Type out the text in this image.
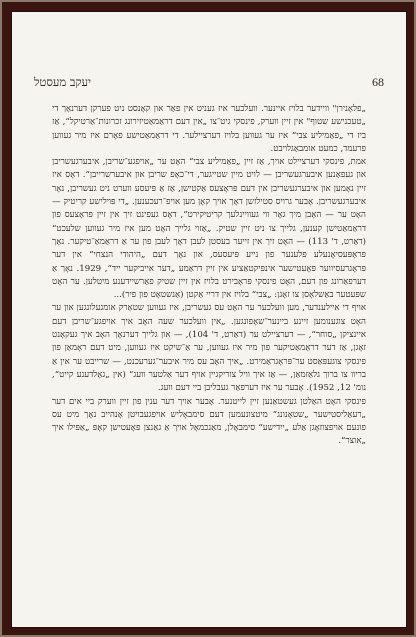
68
יעקב מעסטל

„פלאָנירן" וויידער בלויז איינער. וועלכער איז געניט אין פאַר און קאָנסט ניט פערקן דערנאָך די „טעכנישע שטוף" אין זיין ווערק, פינסקי גיט־צו „אין דעם דראַמאַטיזירונג זכרונות־אַרטיקל“, אַז ביז די „פאַמיליע צבי“ איז ער געווען בלויז דערציילער. די דראַמאַטישע פאָרם איז מיר געווען פרעמד, כמעט אומבאַגלויבט.

אמת, פינסקי דערציילט אויך, אַז זיין „פאַמיליע צבי“ האָט ער „אויפגע־שריבן, איבערגעשריבן און געפאַנען איבערגעשריבן — לויט מיין שטייגער, די־כאָפ שריבן און איבערשרייבן“. דאָס איז זיין נאָמען און איבערגעשריבן אין דעם פּראָצעס אַקטישן, אַז אַ פּיעסע ווערט ניט געשריבן, נאָר איבערגעשריבן. אָבער גרויס סטילזשן דאָך אויך קאָן מען אויפ־רעכענען. „די פּוילישע קריטיק — האָט ער — האָבן מיך גאָר ווי געוויינלעך קריטיקירט“, דאָס געפינט זיך אין זיין פּראָצעס פון דראַמאַטישן קענען, גלייך צו ניט זיין שטיק. „אַזוי גלייך האָט מען איז מיר געווען שלעכט“ (דאַרט, ד' 113) — האָט זיך אין זייער בעסטן לעבן דאָך לעבן פון ער אַ דראַמאַ־טיקער. נאָך פּראָפּעסיאָנעלע פּלענער פון נייע פּיעסעס, און נאָך דעם „היהודי הנצחי“ אין דער פּראָגרעסיווער פּאָעטישער אינפּיקטאַציע אין זיין דראַמע „דער אייביקער ייד“, 1929. נאָך אַ דערפאַרונג פון דעם, האָט פינסקי פּראָבירט בלויז אין זיין שטיק פאַרשיידענע מיטלען. ער האָט שפּעטער באַשלאָסן צו זאָגן: „צבי“ בלויז אין דריי אַקטן (אַנשטאָט פון פיר)...

אויף די איילענדער, מען וועלכער ער האָט עס געשריבן, איז געווען שטאַרק אומגעלונגען און ער האָט צוגענומען זיינע ביינער־שאָפונגען. „אין וועלכער שעה האָב איך אויפגע־שריבן דעם איינציקן „סוחר“, — דערציילט ער (דאַרט, ד' 104), — און גלייך דערנאָך האָב איך געקאָנט זאָגן, אַז דער דראַמאַטיקער פון מיר איז געווען, ער אַ־שיקט איז געווען, מיט דעם ראָמאַן פון פינסקי צוגעפּאַסט ער־פּראָגראַמירט. „איך האָב עס מיר איבער־גערעכנט, — שרייבט ער אין אַ בריוו צו ברוך גלאַזמאַן, — אַז איך וויל צוריקגיין אויף דער אַלטער וועג“ (אין „גאָלדענע קייט“, נומ' 12, 1952). אָבער ער איז דערפאַר געבליבן ביי דעם וועג.

פינסקי האָט האַלטן געשטאַנען זיין לייטנער. אָבער אויך דער ענין פון זיין ווערק ביי אים דער „רעאַליסטישער „שטאָנונג“ מיטצונעמען דעם סימבאָליש אויפגעבויטן אָנהייב נאָך מיט עס פונעם אויפצוזאָגן אַלע „ייִדישע“ סימבאָלן, מאַנכמאָל אויך אַ גאַנצן פּאָעטישן קאָפּ „אַפּילו איך „אוצר“.
